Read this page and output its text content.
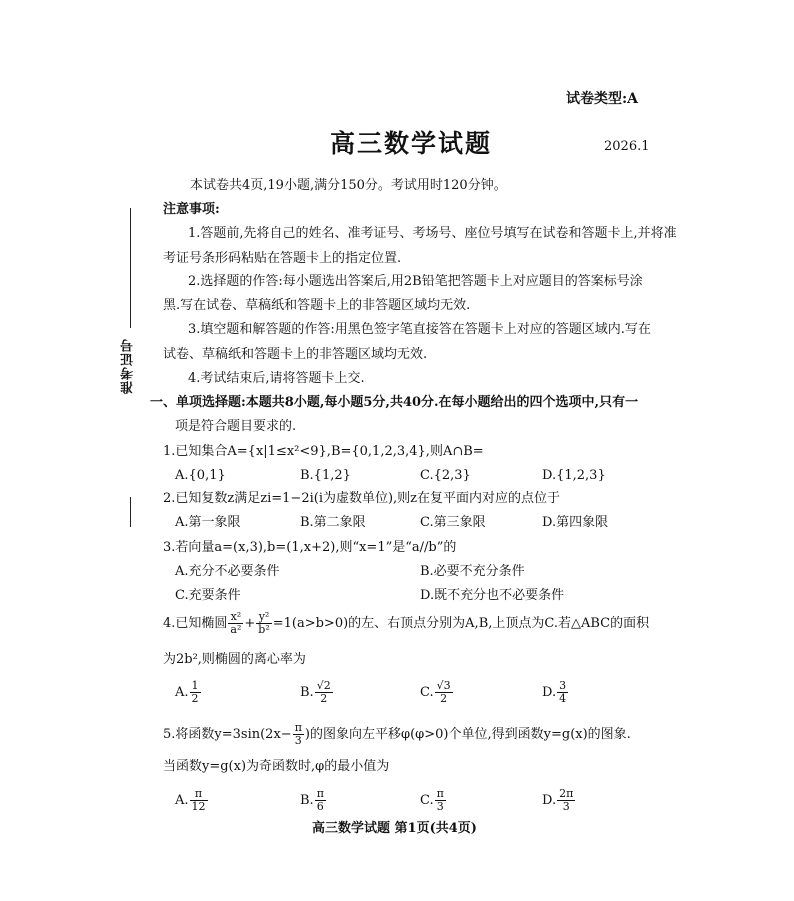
试卷类型:A
高三数学试题	2026.1
准考证号
本试卷共4页,19小题,满分150分。考试用时120分钟。
注意事项:
1.答题前,先将自己的姓名、准考证号、考场号、座位号填写在试卷和答题卡上,并将准
考证号条形码粘贴在答题卡上的指定位置.
2.选择题的作答:每小题选出答案后,用2B铅笔把答题卡上对应题目的答案标号涂
黑.写在试卷、草稿纸和答题卡上的非答题区域均无效.
3.填空题和解答题的作答:用黑色签字笔直接答在答题卡上对应的答题区域内.写在
试卷、草稿纸和答题卡上的非答题区域均无效.
4.考试结束后,请将答题卡上交.
一、单项选择题:本题共8小题,每小题5分,共40分.在每小题给出的四个选项中,只有一
项是符合题目要求的.
1.已知集合A={x|1≤x²<9},B={0,1,2,3,4},则A∩B=
A.{0,1}	B.{1,2}	C.{2,3}	D.{1,2,3}
2.已知复数z满足zi=1−2i(i为虚数单位),则z在复平面内对应的点位于
A.第一象限	B.第二象限	C.第三象限	D.第四象限
3.若向量a=(x,3),b=(1,x+2),则“x=1”是“a//b”的
A.充分不必要条件	B.必要不充分条件
C.充要条件	D.既不充分也不必要条件
4.已知椭圆 $\frac{\text{x²}}{\text{a²}} + \frac{\text{y²}}{\text{b²}} =1(a>b>0)$的左、右顶点分别为A,B,上顶点为C.若△ABC的面积
为2b²,则椭圆的离心率为
A. $\frac{1}{2}$	B. $\frac{√2}{2}$	C. $\frac{√3}{2}$	D. $\frac{3}{4}$
5.将函数$y=3\sin(2x- \frac{\pi}{3}$ )的图象向左平移φ(φ>0)个单位,得到函数y=g(x)的图象.
当函数y=g(x)为奇函数时,φ的最小值为
A. $\frac{\pi}{12}$	B. $\frac{\pi}{6}$	C. $\frac{\pi}{3}$	D. $\frac{2\pi}{3}$
高三数学试题 第1页(共4页)
